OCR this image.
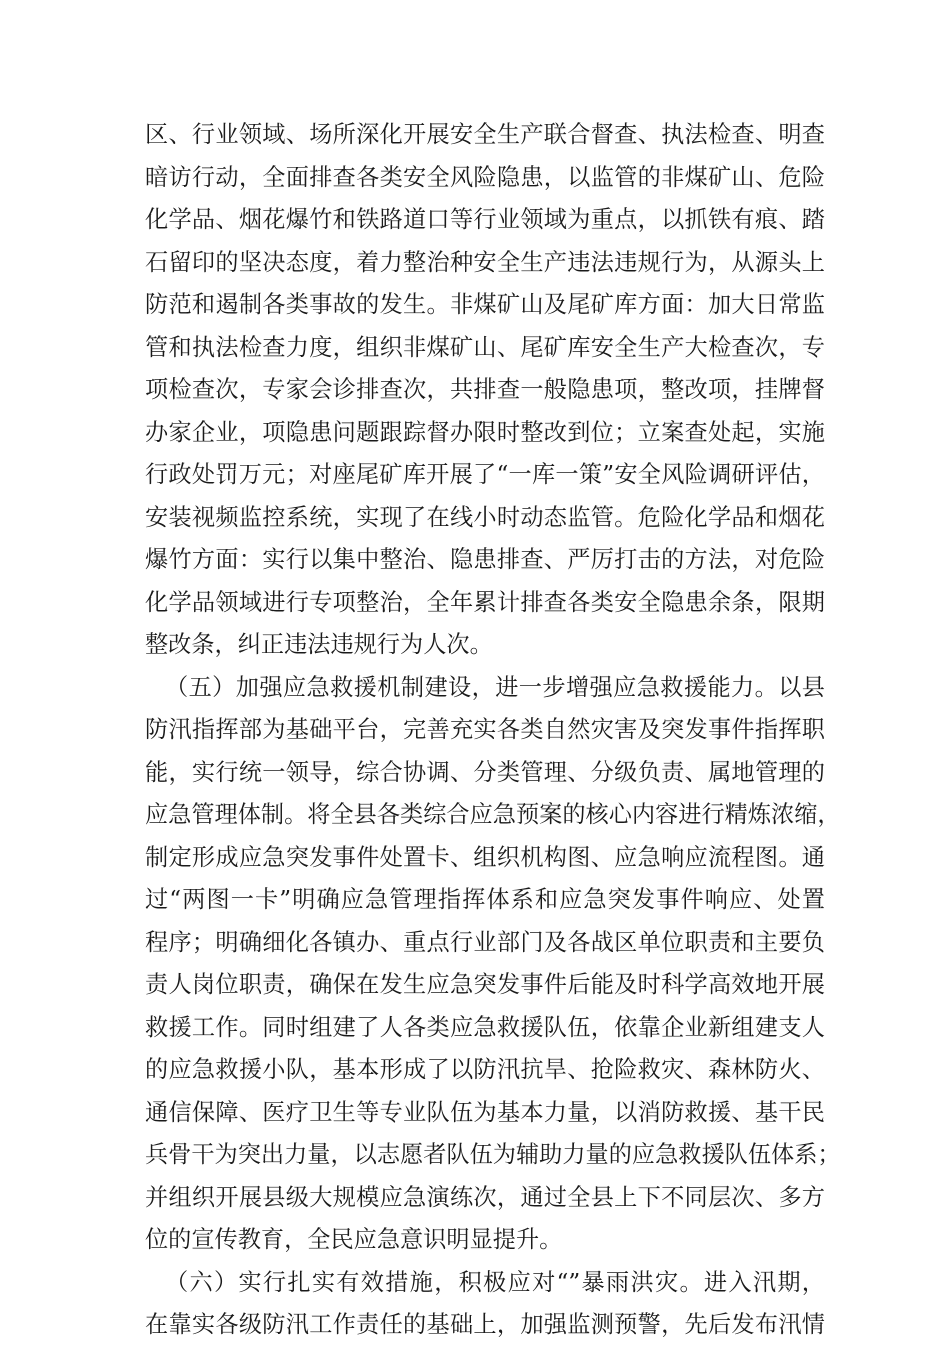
区、行业领域、场所深化开展安全生产联合督查、执法检查、明查
暗访行动，全面排查各类安全风险隐患，以监管的非煤矿山、危险
化学品、烟花爆竹和铁路道口等行业领域为重点，以抓铁有痕、踏
石留印的坚决态度，着力整治种安全生产违法违规行为，从源头上
防范和遏制各类事故的发生。非煤矿山及尾矿库方面：加大日常监
管和执法检查力度，组织非煤矿山、尾矿库安全生产大检查次，专
项检查次，专家会诊排查次，共排查一般隐患项，整改项，挂牌督
办家企业，项隐患问题跟踪督办限时整改到位；立案查处起，实施
行政处罚万元；对座尾矿库开展了“一库一策”安全风险调研评估，
安装视频监控系统，实现了在线小时动态监管。危险化学品和烟花
爆竹方面：实行以集中整治、隐患排查、严厉打击的方法，对危险
化学品领域进行专项整治，全年累计排查各类安全隐患余条，限期
整改条，纠正违法违规行为人次。
（五）加强应急救援机制建设，进一步增强应急救援能力。以县
防汛指挥部为基础平台，完善充实各类自然灾害及突发事件指挥职
能，实行统一领导，综合协调、分类管理、分级负责、属地管理的
应急管理体制。将全县各类综合应急预案的核心内容进行精炼浓缩，
制定形成应急突发事件处置卡、组织机构图、应急响应流程图。通
过“两图一卡”明确应急管理指挥体系和应急突发事件响应、处置
程序；明确细化各镇办、重点行业部门及各战区单位职责和主要负
责人岗位职责，确保在发生应急突发事件后能及时科学高效地开展
救援工作。同时组建了人各类应急救援队伍，依靠企业新组建支人
的应急救援小队，基本形成了以防汛抗旱、抢险救灾、森林防火、
通信保障、医疗卫生等专业队伍为基本力量，以消防救援、基干民
兵骨干为突出力量，以志愿者队伍为辅助力量的应急救援队伍体系；
并组织开展县级大规模应急演练次，通过全县上下不同层次、多方
位的宣传教育，全民应急意识明显提升。
（六）实行扎实有效措施，积极应对“”暴雨洪灾。进入汛期，
在靠实各级防汛工作责任的基础上，加强监测预警，先后发布汛情
